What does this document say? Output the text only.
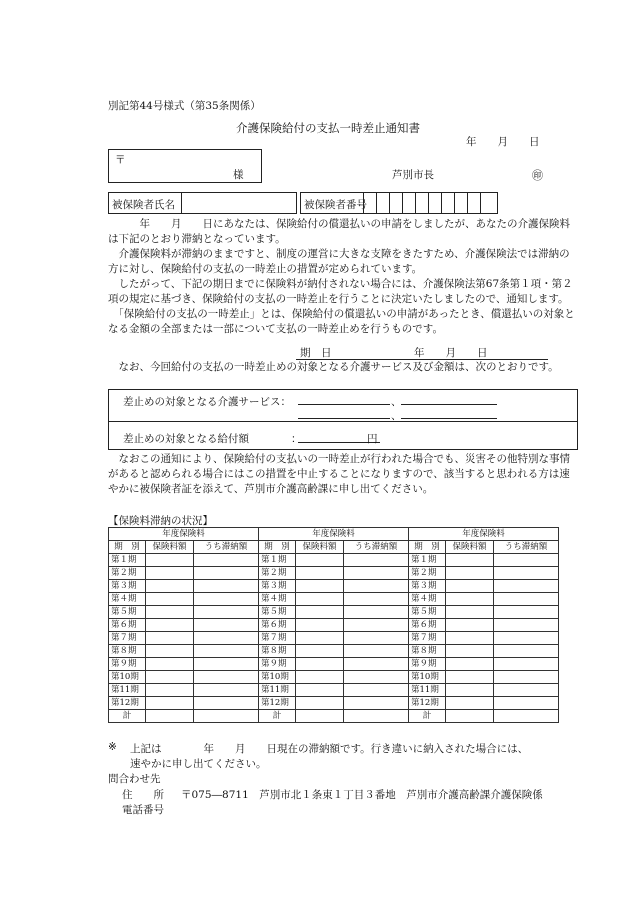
別記第44号様式（第35条関係）
介護保険給付の支払一時差止通知書
年　　月　　日
〒
様	芦別市長	㊞
被保険者氏名	被保険者番号

　　　年　　月　　日にあなたは、保険給付の償還払いの申請をしましたが、あなたの介護保険料は下記のとおり滞納となっています。

　介護保険料が滞納のままですと、制度の運営に大きな支障をきたすため、介護保険法では滞納の方に対し、保険給付の支払の一時差止の措置が定められています。

　したがって、下記の期日までに保険料が納付されない場合には、介護保険法第67条第１項・第２項の規定に基づき、保険給付の支払の一時差止を行うことに決定いたしましたので、通知します。

　「保険給付の支払の一時差止」とは、保険給付の償還払いの申請があったとき、償還払いの対象となる金額の全部または一部について支払の一時差止めを行うものです。

期　日	年　　月　　日

　なお、今回給付の支払の一時差止めの対象となる介護サービス及び金額は、次のとおりです。

差止めの対象となる介護サービス：	、
、
差止めの対象となる給付額	：	円

　なおこの通知により、保険給付の支払いの一時差止が行われた場合でも、災害その他特別な事情があると認められる場合にはこの措置を中止することになりますので、該当すると思われる方は速やかに被保険者証を添えて、芦別市介護高齢課に申し出てください。

【保険料滞納の状況】
年度保険料		
期　別	保険料額	うち滞納額
第１期		
第２期		
第３期		
第４期		
第５期		
第６期		
第７期		
第８期		
第９期		
第10期		
第11期		
第12期		
計		
年度保険料		
期　別	保険料額	うち滞納額
第１期		
第２期		
第３期		
第４期		
第５期		
第６期		
第７期		
第８期		
第９期		
第10期		
第11期		
第12期		
計		
年度保険料		
期　別	保険料額	うち滞納額
第１期		
第２期		
第３期		
第４期		
第５期		
第６期		
第７期		
第８期		
第９期		
第10期		
第11期		
第12期		
計		
※ 上記は　　　　年　　月　　日現在の滞納額です。行き違いに納入された場合には、
速やかに申し出てください。
問合わせ先
住　　所 〒075―8711　芦別市北１条東１丁目３番地　芦別市介護高齢課介護保険係
電話番号
